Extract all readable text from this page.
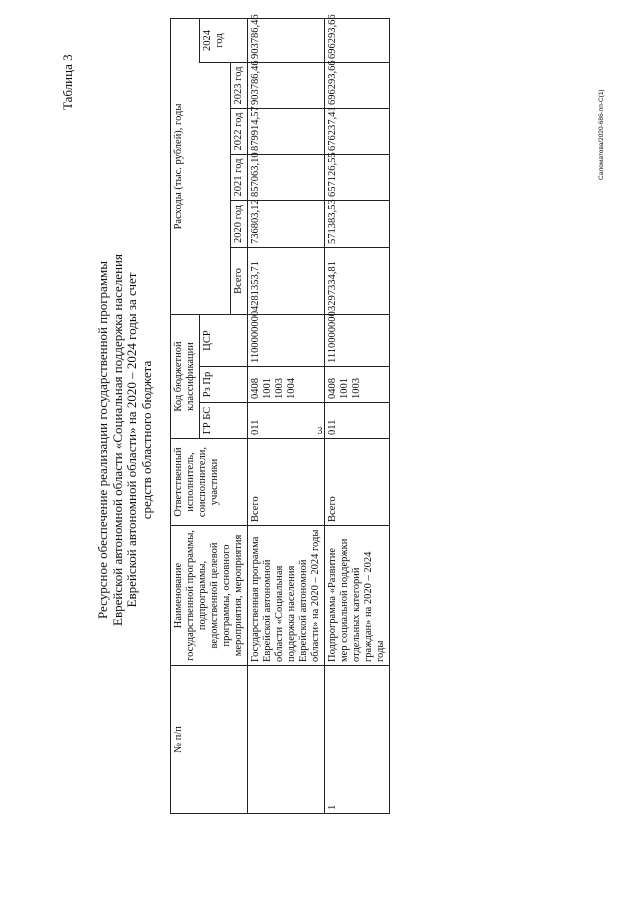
3
Таблица 3
Ресурсное обеспечение реализации государственной программы Еврейской автономной области «Социальная поддержка населения Еврейской автономной области» на 2020 – 2024 годы за счет средств областного бюджета
№ п/п	Наименование государственной программы, подпрограммы, ведомственной целевой программы, основного мероприятия, мероприятия	Ответственный исполнитель, соисполнители, участники	Код бюджетной классификации			Расходы (тыс. рублей), годы					
			ГР БС	Рз Пр	ЦСР						2024 год
						Всего	2020 год	2021 год	2022 год	2023 год	
	Государственная программа Еврейской автономной области «Социальная поддержка населения Еврейской автономной области» на 2020 – 2024 годы	Всего	011	0408
1001
1003
1004	1100000000	4281353,71	736803,12	857063,10	879914,57	903786,46	903786,46
1	Подпрограмма «Развитие мер социальной поддержки отдельных категорий граждан» на 2020 – 2024 годы	Всего	011	0408
1001
1003	1110000000	3297334,81	571383,53	657126,55	676237,41	696293,66	696293,66
Саломатова/2020-686-пп-С(1)
